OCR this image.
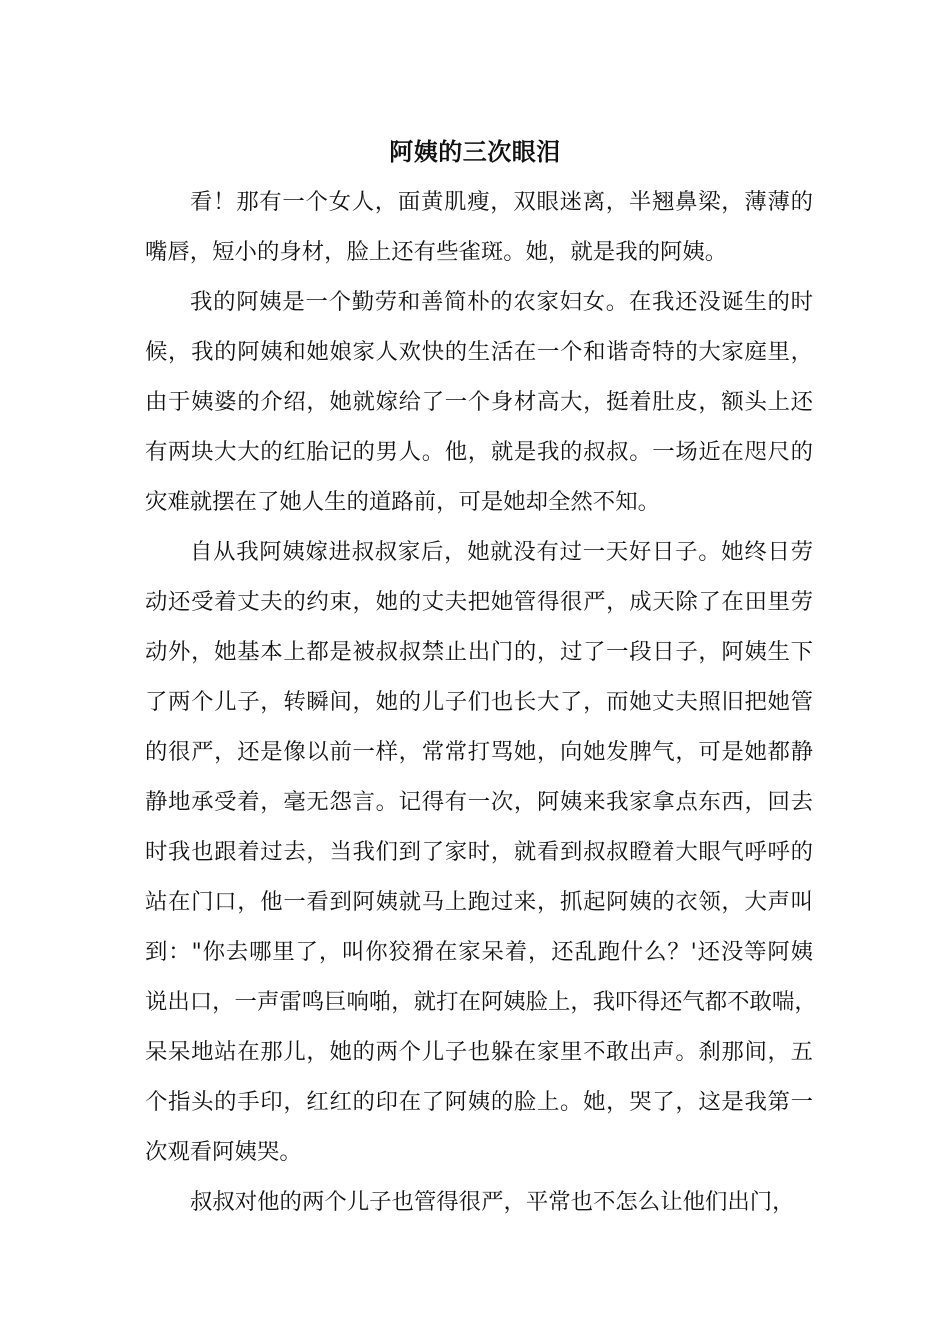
阿姨的三次眼泪
看！那有一个女人，面黄肌瘦，双眼迷离，半翘鼻梁，薄薄的
嘴唇，短小的身材，脸上还有些雀斑。她，就是我的阿姨。
我的阿姨是一个勤劳和善简朴的农家妇女。在我还没诞生的时
候，我的阿姨和她娘家人欢快的生活在一个和谐奇特的大家庭里，
由于姨婆的介绍，她就嫁给了一个身材高大，挺着肚皮，额头上还
有两块大大的红胎记的男人。他，就是我的叔叔。一场近在咫尺的
灾难就摆在了她人生的道路前，可是她却全然不知。
自从我阿姨嫁进叔叔家后，她就没有过一天好日子。她终日劳
动还受着丈夫的约束，她的丈夫把她管得很严，成天除了在田里劳
动外，她基本上都是被叔叔禁止出门的，过了一段日子，阿姨生下
了两个儿子，转瞬间，她的儿子们也长大了，而她丈夫照旧把她管
的很严，还是像以前一样，常常打骂她，向她发脾气，可是她都静
静地承受着，毫无怨言。记得有一次，阿姨来我家拿点东西，回去
时我也跟着过去，当我们到了家时，就看到叔叔瞪着大眼气呼呼的
站在门口，他一看到阿姨就马上跑过来，抓起阿姨的衣领，大声叫
到："你去哪里了，叫你狡猾在家呆着，还乱跑什么？'还没等阿姨
说出口，一声雷鸣巨响啪，就打在阿姨脸上，我吓得还气都不敢喘，
呆呆地站在那儿，她的两个儿子也躲在家里不敢出声。刹那间，五
个指头的手印，红红的印在了阿姨的脸上。她，哭了，这是我第一
次观看阿姨哭。
叔叔对他的两个儿子也管得很严，平常也不怎么让他们出门，
